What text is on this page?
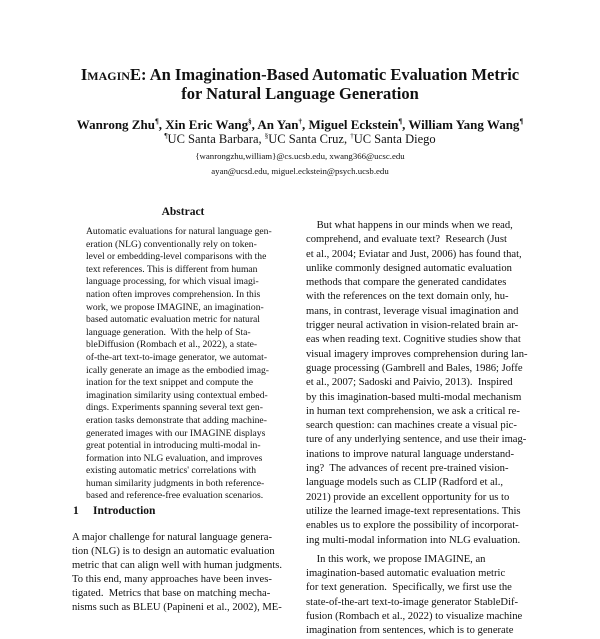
ImaginE: An Imagination-Based Automatic Evaluation Metric
for Natural Language Generation
Wanrong Zhu¶, Xin Eric Wang§, An Yan†, Miguel Eckstein¶, William Yang Wang¶
¶UC Santa Barbara, §UC Santa Cruz, †UC Santa Diego
{wanrongzhu,william}@cs.ucsb.edu, xwang366@ucsc.edu
ayan@ucsd.edu, miguel.eckstein@psych.ucsb.edu
Abstract

Automatic evaluations for natural language gen-

eration (NLG) conventionally rely on token-

level or embedding-level comparisons with the

text references. This is different from human

language processing, for which visual imagi-

nation often improves comprehension. In this

work, we propose IMAGINE, an imagination-

based automatic evaluation metric for natural

language generation.  With the help of Sta-

bleDiffusion (Rombach et al., 2022), a state-

of-the-art text-to-image generator, we automat-

ically generate an image as the embodied imag-

ination for the text snippet and compute the

imagination similarity using contextual embed-

dings. Experiments spanning several text gen-

eration tasks demonstrate that adding machine-

generated images with our IMAGINE displays

great potential in introducing multi-modal in-

formation into NLG evaluation, and improves

existing automatic metrics' correlations with

human similarity judgments in both reference-

based and reference-free evaluation scenarios.

1 Introduction

A major challenge for natural language genera-

tion (NLG) is to design an automatic evaluation

metric that can align well with human judgments.

To this end, many approaches have been inves-

tigated.  Metrics that base on matching mecha-

nisms such as BLEU (Papineni et al., 2002), ME-

But what happens in our minds when we read,

comprehend, and evaluate text?  Research (Just

et al., 2004; Eviatar and Just, 2006) has found that,

unlike commonly designed automatic evaluation

methods that compare the generated candidates

with the references on the text domain only, hu-

mans, in contrast, leverage visual imagination and

trigger neural activation in vision-related brain ar-

eas when reading text. Cognitive studies show that

visual imagery improves comprehension during lan-

guage processing (Gambrell and Bales, 1986; Joffe

et al., 2007; Sadoski and Paivio, 2013).  Inspired

by this imagination-based multi-modal mechanism

in human text comprehension, we ask a critical re-

search question: can machines create a visual pic-

ture of any underlying sentence, and use their imag-

inations to improve natural language understand-

ing?  The advances of recent pre-trained vision-

language models such as CLIP (Radford et al.,

2021) provide an excellent opportunity for us to

utilize the learned image-text representations. This

enables us to explore the possibility of incorporat-

ing multi-modal information into NLG evaluation.

In this work, we propose IMAGINE, an

imagination-based automatic evaluation metric

for text generation.  Specifically, we first use the

state-of-the-art text-to-image generator StableDif-

fusion (Rombach et al., 2022) to visualize machine

imagination from sentences, which is to generate
